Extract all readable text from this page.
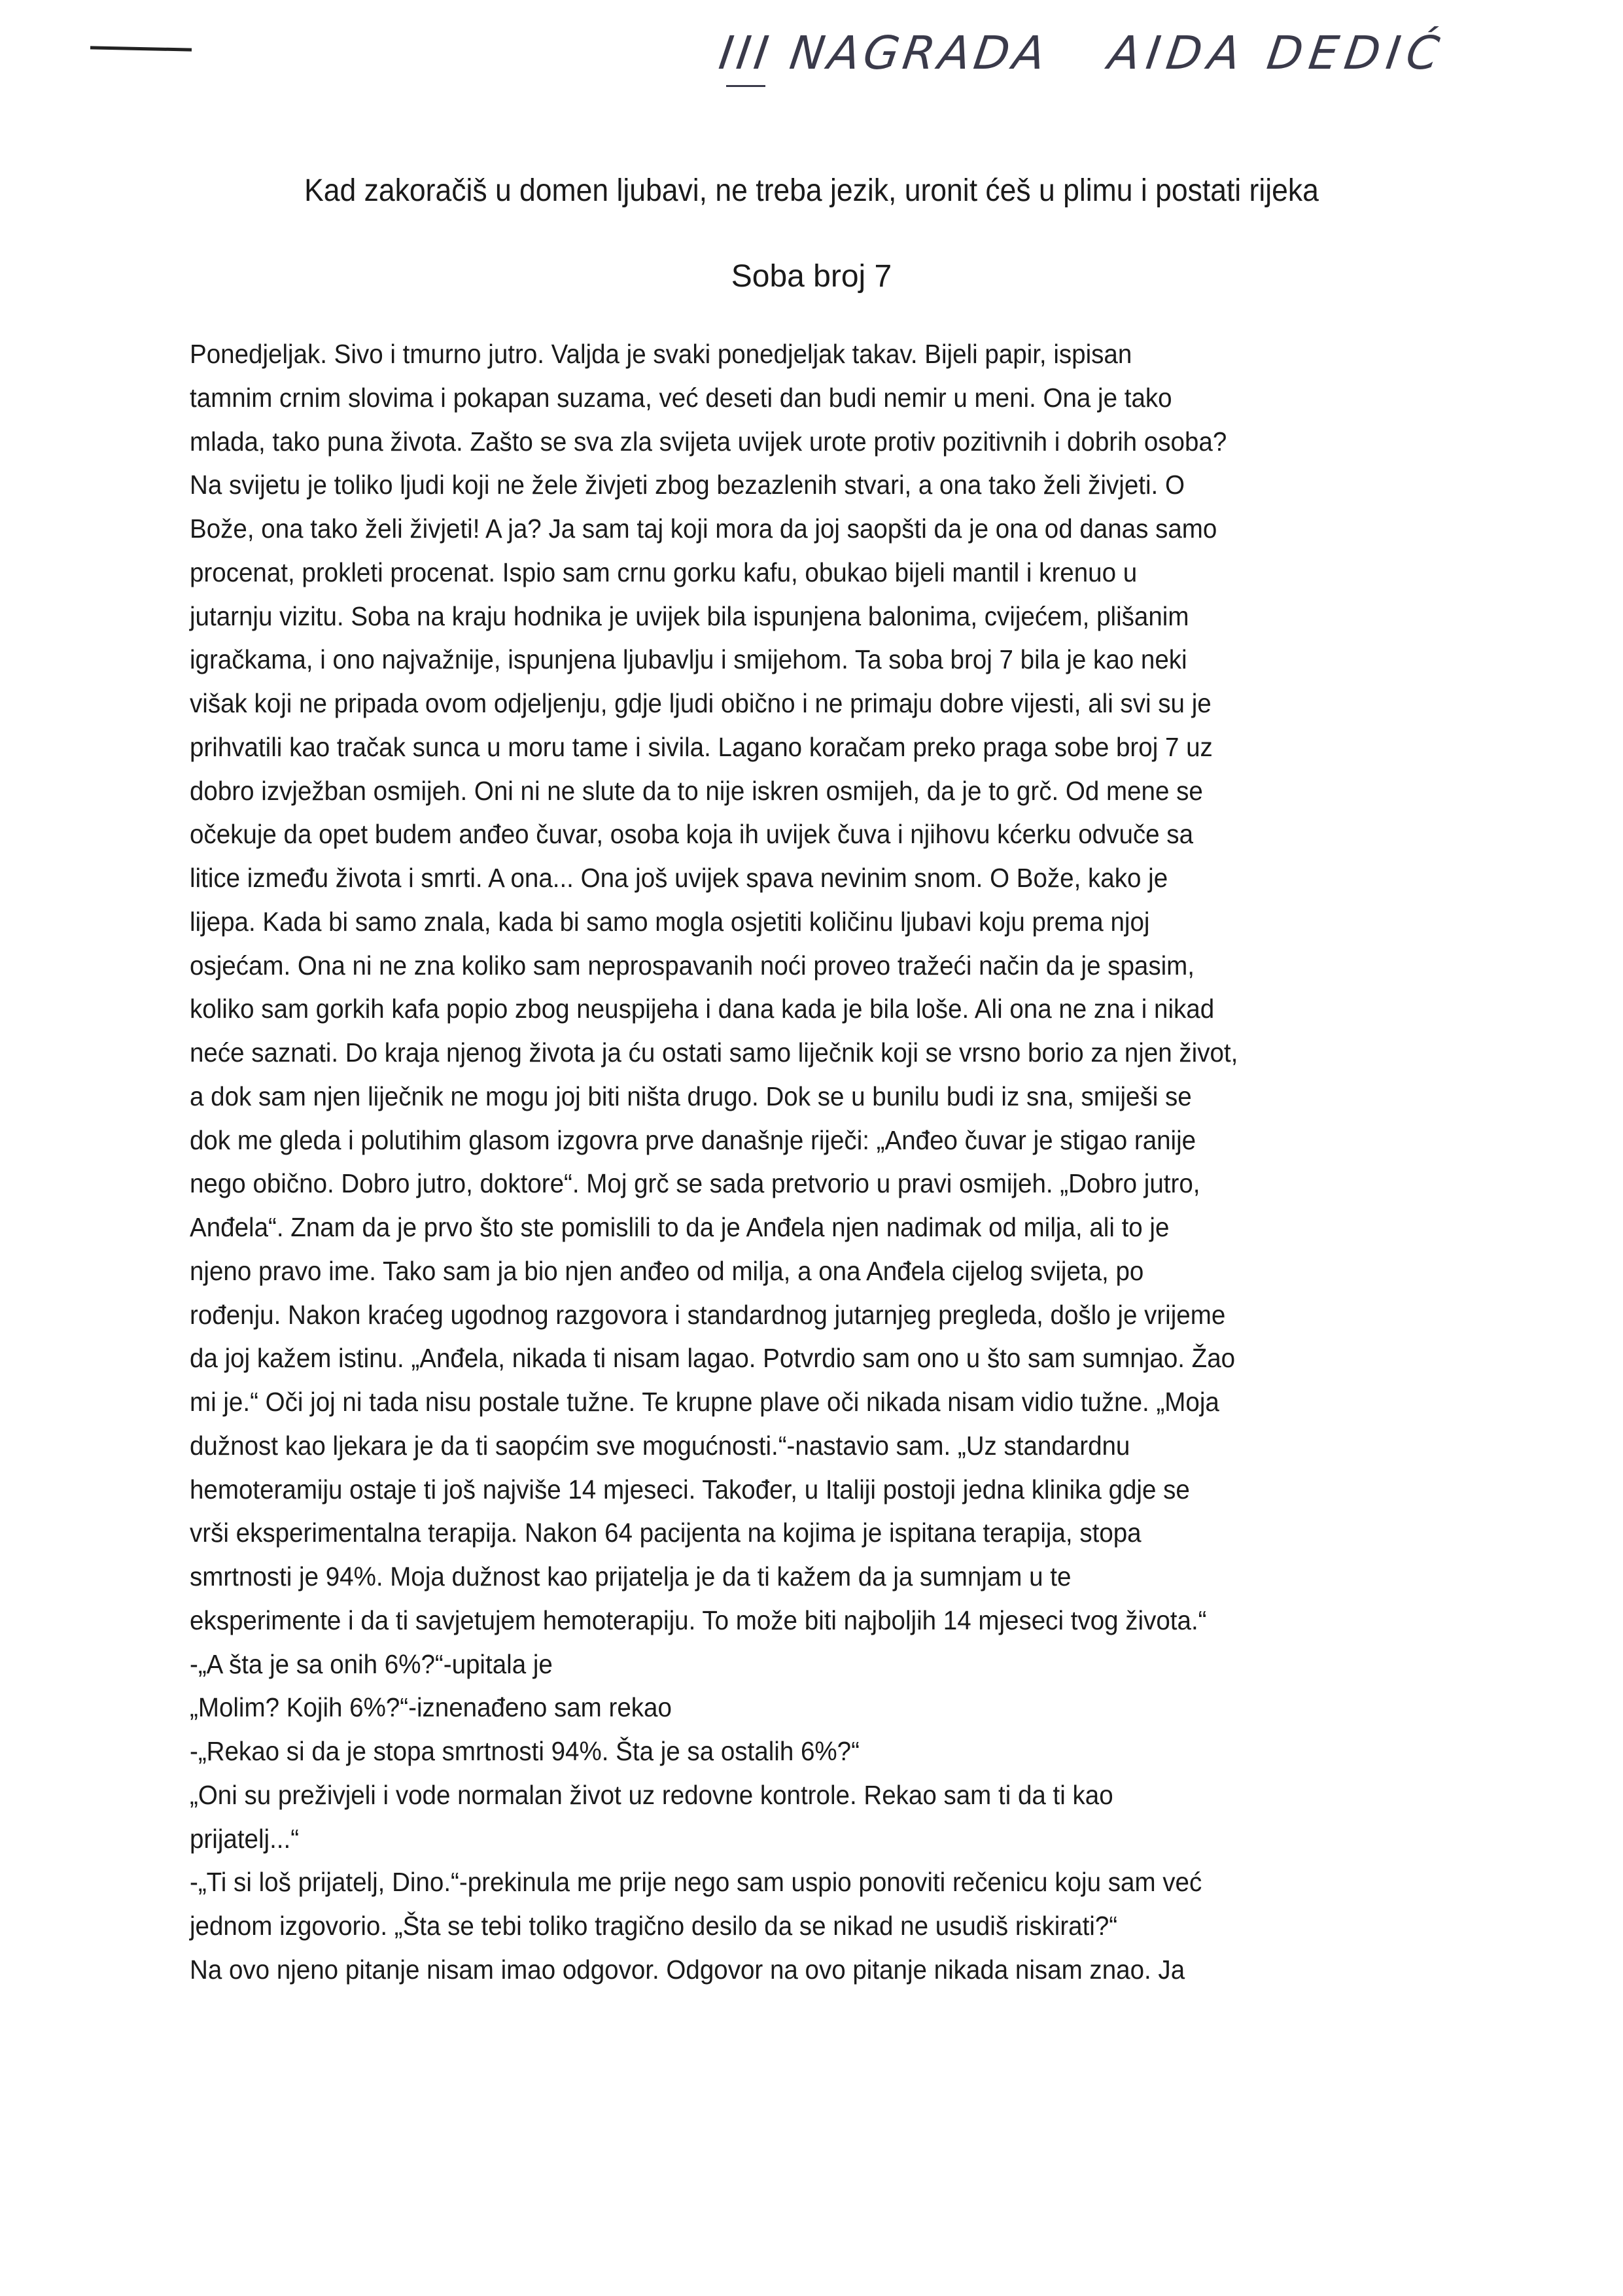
III NAGRADA AIDA DEDIĆ
Kad zakoračiš u domen ljubavi, ne treba jezik, uronit ćeš u plimu i postati rijeka
Soba broj 7
Ponedjeljak. Sivo i tmurno jutro. Valjda je svaki ponedjeljak takav. Bijeli papir, ispisan
tamnim crnim slovima i pokapan suzama, već deseti dan budi nemir u meni. Ona je tako
mlada, tako puna života. Zašto se sva zla svijeta uvijek urote protiv pozitivnih i dobrih osoba?
Na svijetu je toliko ljudi koji ne žele živjeti zbog bezazlenih stvari, a ona tako želi živjeti. O
Bože, ona tako želi živjeti! A ja? Ja sam taj koji mora da joj saopšti da je ona od danas samo
procenat, prokleti procenat. Ispio sam crnu gorku kafu, obukao bijeli mantil i krenuo u
jutarnju vizitu. Soba na kraju hodnika je uvijek bila ispunjena balonima, cvijećem, plišanim
igračkama, i ono najvažnije, ispunjena ljubavlju i smijehom. Ta soba broj 7 bila je kao neki
višak koji ne pripada ovom odjeljenju, gdje ljudi obično i ne primaju dobre vijesti, ali svi su je
prihvatili kao tračak sunca u moru tame i sivila. Lagano koračam preko praga sobe broj 7 uz
dobro izvježban osmijeh. Oni ni ne slute da to nije iskren osmijeh, da je to grč. Od mene se
očekuje da opet budem anđeo čuvar, osoba koja ih uvijek čuva i njihovu kćerku odvuče sa
litice između života i smrti. A ona... Ona još uvijek spava nevinim snom. O Bože, kako je
lijepa. Kada bi samo znala, kada bi samo mogla osjetiti količinu ljubavi koju prema njoj
osjećam. Ona ni ne zna koliko sam neprospavanih noći proveo tražeći način da je spasim,
koliko sam gorkih kafa popio zbog neuspijeha i dana kada je bila loše. Ali ona ne zna i nikad
neće saznati. Do kraja njenog života ja ću ostati samo liječnik koji se vrsno borio za njen život,
a dok sam njen liječnik ne mogu joj biti ništa drugo. Dok se u bunilu budi iz sna, smiješi se
dok me gleda i polutihim glasom izgovra prve današnje riječi: „Anđeo čuvar je stigao ranije
nego obično. Dobro jutro, doktore“. Moj grč se sada pretvorio u pravi osmijeh. „Dobro jutro,
Anđela“. Znam da je prvo što ste pomislili to da je Anđela njen nadimak od milja, ali to je
njeno pravo ime. Tako sam ja bio njen anđeo od milja, a ona Anđela cijelog svijeta, po
rođenju. Nakon kraćeg ugodnog razgovora i standardnog jutarnjeg pregleda, došlo je vrijeme
da joj kažem istinu. „Anđela, nikada ti nisam lagao. Potvrdio sam ono u što sam sumnjao. Žao
mi je.“ Oči joj ni tada nisu postale tužne. Te krupne plave oči nikada nisam vidio tužne. „Moja
dužnost kao ljekara je da ti saopćim sve mogućnosti.“-nastavio sam. „Uz standardnu
hemoteramiju ostaje ti još najviše 14 mjeseci. Također, u Italiji postoji jedna klinika gdje se
vrši eksperimentalna terapija. Nakon 64 pacijenta na kojima je ispitana terapija, stopa
smrtnosti je 94%. Moja dužnost kao prijatelja je da ti kažem da ja sumnjam u te
eksperimente i da ti savjetujem hemoterapiju. To može biti najboljih 14 mjeseci tvog života.“
-„A šta je sa onih 6%?“-upitala je
„Molim? Kojih 6%?“-iznenađeno sam rekao
-„Rekao si da je stopa smrtnosti 94%. Šta je sa ostalih 6%?“
„Oni su preživjeli i vode normalan život uz redovne kontrole. Rekao sam ti da ti kao
prijatelj...“
-„Ti si loš prijatelj, Dino.“-prekinula me prije nego sam uspio ponoviti rečenicu koju sam već
jednom izgovorio. „Šta se tebi toliko tragično desilo da se nikad ne usudiš riskirati?“
Na ovo njeno pitanje nisam imao odgovor. Odgovor na ovo pitanje nikada nisam znao. Ja
